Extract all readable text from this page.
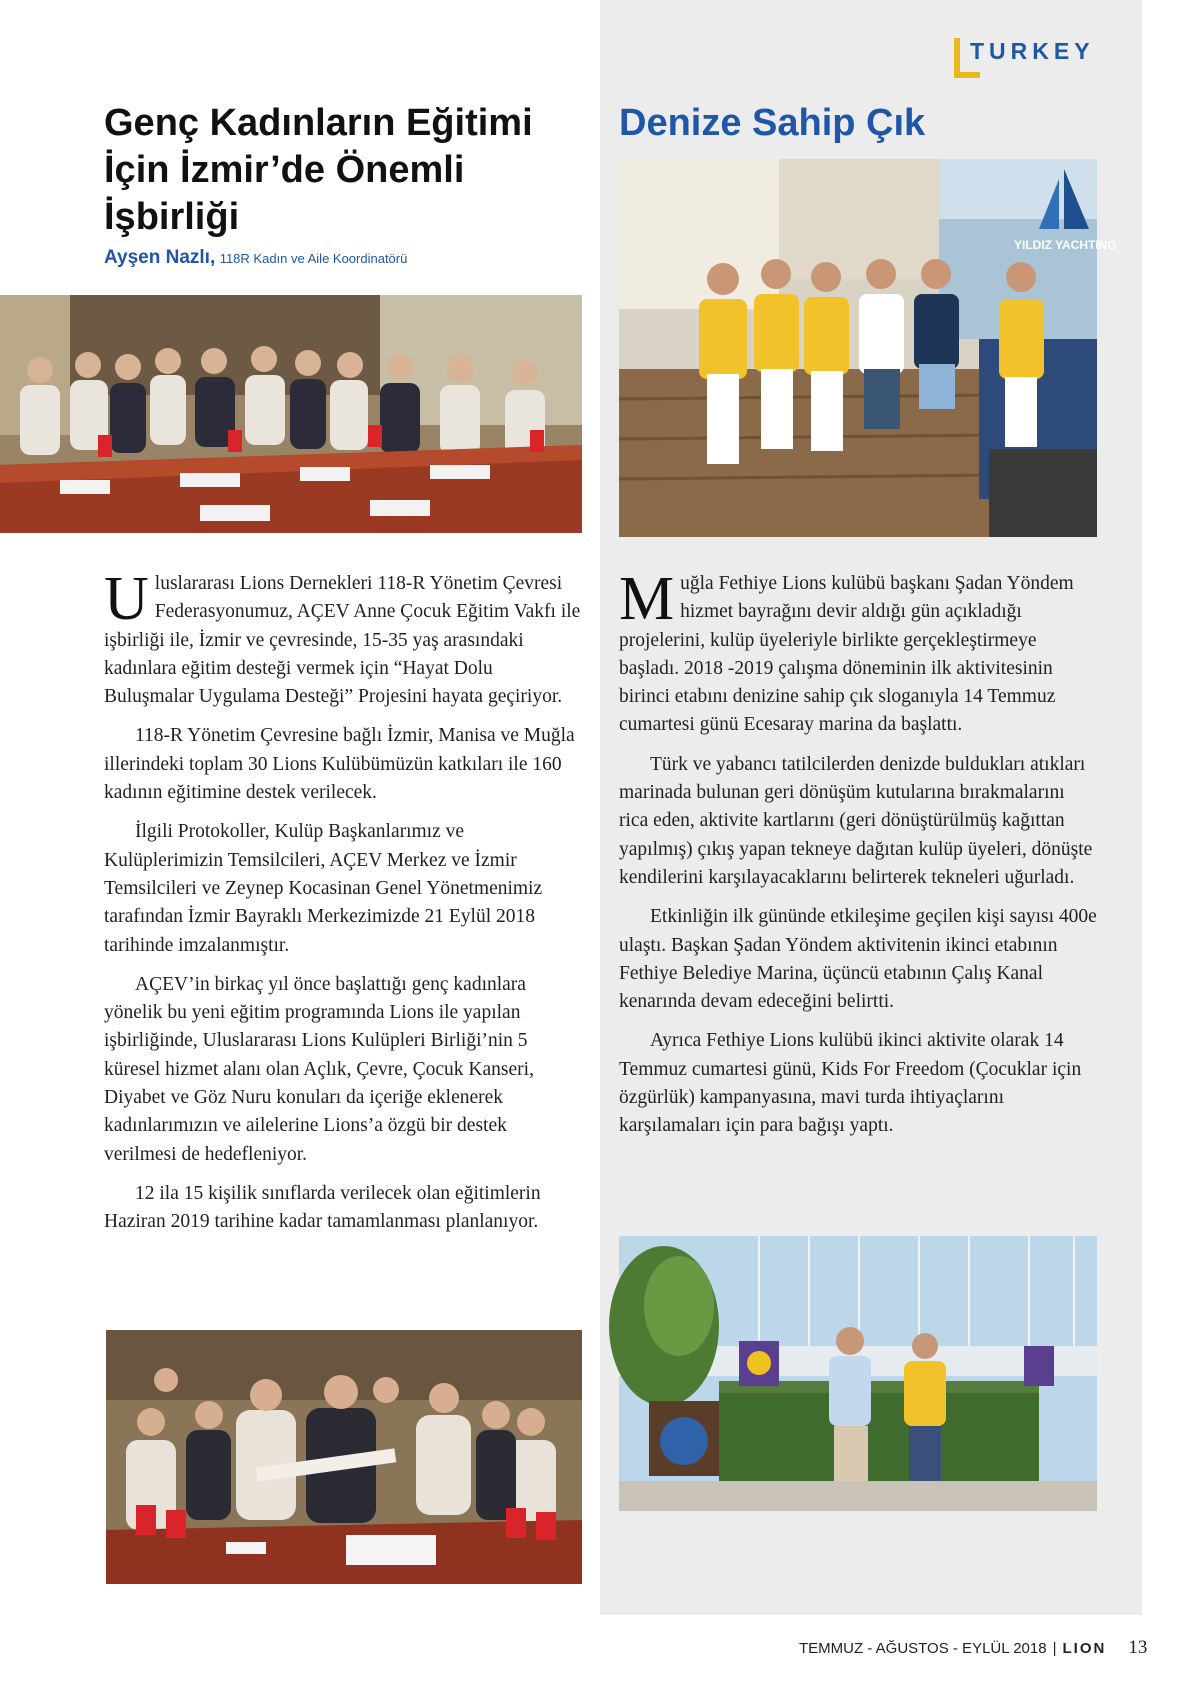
TURKEY
Genç Kadınların Eğitimi İçin İzmir’de Önemli İşbirliği
Ayşen Nazlı, 118R Kadın ve Aile Koordinatörü

Uluslararası Lions Dernekleri 118-R Yönetim Çevresi Federasyonumuz, AÇEV Anne Çocuk Eğitim Vakfı ile işbirliği ile, İzmir ve çevresinde, 15-35 yaş arasındaki kadınlara eğitim desteği vermek için “Hayat Dolu Buluşmalar Uygulama Desteği” Projesini hayata geçiriyor.

118-R Yönetim Çevresine bağlı İzmir, Manisa ve Muğla illerindeki toplam 30 Lions Kulübümüzün katkıları ile 160 kadının eğitimine destek verilecek.

İlgili Protokoller, Kulüp Başkanlarımız ve Kulüplerimizin Temsilcileri, AÇEV Merkez ve İzmir Temsilcileri ve Zeynep Kocasinan Genel Yönetmenimiz tarafından İzmir Bayraklı Merkezimizde 21 Eylül 2018 tarihinde imzalanmıştır.

AÇEV’in birkaç yıl önce başlattığı genç kadınlara yönelik bu yeni eğitim programında Lions ile yapılan işbirliğinde, Uluslararası Lions Kulüpleri Birliği’nin 5 küresel hizmet alanı olan Açlık, Çevre, Çocuk Kanseri, Diyabet ve Göz Nuru konuları da içeriğe eklenerek kadınlarımızın ve ailelerine Lions’a özgü bir destek verilmesi de hedefleniyor.

12 ila 15 kişilik sınıflarda verilecek olan eğitimlerin Haziran 2019 tarihine kadar tamamlanması planlanıyor.

Denize Sahip Çık
YILDIZ YACHTING

Muğla Fethiye Lions kulübü başkanı Şadan Yöndem hizmet bayrağını devir aldığı gün açıkladığı projelerini, kulüp üyeleriyle birlikte gerçekleştirmeye başladı. 2018 -2019 çalışma döneminin ilk aktivitesinin birinci etabını denizine sahip çık sloganıyla 14 Temmuz cumartesi günü Ecesaray marina da başlattı.

Türk ve yabancı tatilcilerden denizde buldukları atıkları marinada bulunan geri dönüşüm kutularına bırakmalarını rica eden, aktivite kartlarını (geri dönüştürülmüş kağıttan yapılmış) çıkış yapan tekneye dağıtan kulüp üyeleri, dönüşte kendilerini karşılayacaklarını belirterek tekneleri uğurladı.

Etkinliğin ilk gününde etkileşime geçilen kişi sayısı 400e ulaştı. Başkan Şadan Yöndem aktivitenin ikinci etabının Fethiye Belediye Marina, üçüncü etabının Çalış Kanal kenarında devam edeceğini belirtti.

Ayrıca Fethiye Lions kulübü ikinci aktivite olarak 14 Temmuz cumartesi günü, Kids For Freedom (Çocuklar için özgürlük) kampanyasına, mavi turda ihtiyaçlarını karşılamaları için para bağışı yaptı.

TEMMUZ - AĞUSTOS - EYLÜL 2018 | LION 13
